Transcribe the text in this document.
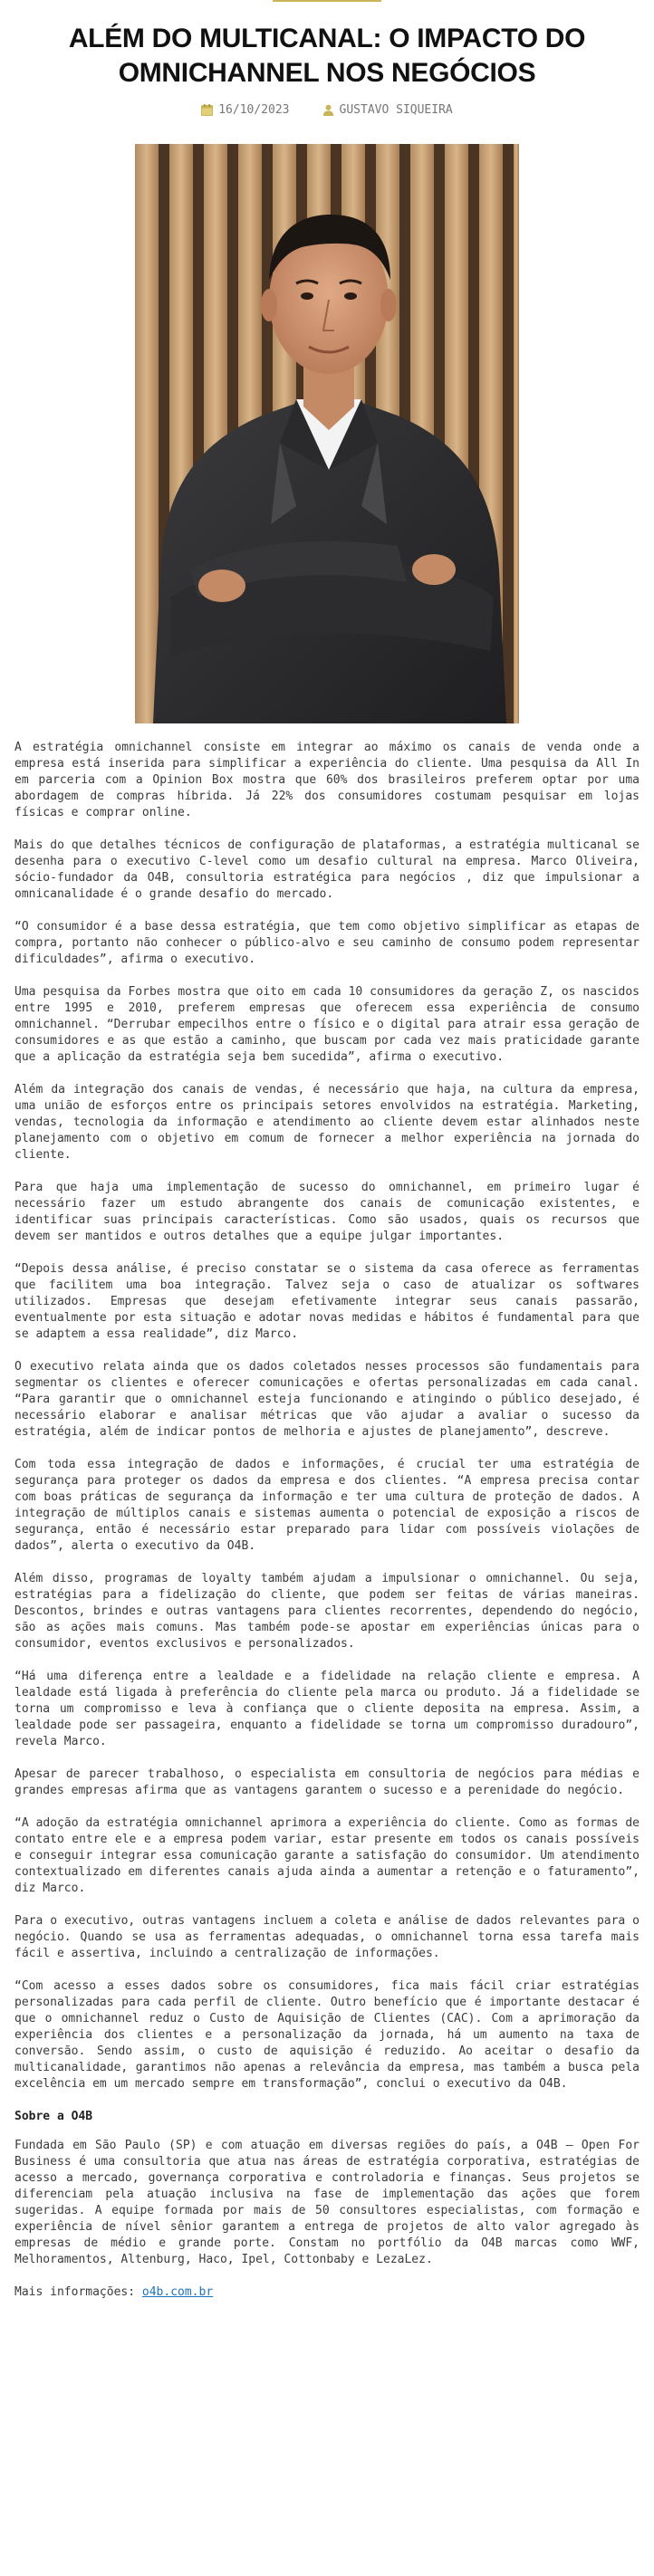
ALÉM DO MULTICANAL: O IMPACTO DO OMNICHANNEL NOS NEGÓCIOS
16/10/2023	GUSTAVO SIQUEIRA

A estratégia omnichannel consiste em integrar ao máximo os canais de venda onde a empresa está inserida para simplificar a experiência do cliente. Uma pesquisa da All In em parceria com a Opinion Box mostra que 60% dos brasileiros preferem optar por uma abordagem de compras híbrida. Já 22% dos consumidores costumam pesquisar em lojas físicas e comprar online.

Mais do que detalhes técnicos de configuração de plataformas, a estratégia multicanal se desenha para o executivo C-level como um desafio cultural na empresa. Marco Oliveira, sócio-fundador da O4B, consultoria estratégica para negócios , diz que impulsionar a omnicanalidade é o grande desafio do mercado.

“O consumidor é a base dessa estratégia, que tem como objetivo simplificar as etapas de compra, portanto não conhecer o público-alvo e seu caminho de consumo podem representar dificuldades”, afirma o executivo.

Uma pesquisa da Forbes mostra que oito em cada 10 consumidores da geração Z, os nascidos entre 1995 e 2010, preferem empresas que oferecem essa experiência de consumo omnichannel. “Derrubar empecilhos entre o físico e o digital para atrair essa geração de consumidores e as que estão a caminho, que buscam por cada vez mais praticidade garante que a aplicação da estratégia seja bem sucedida”, afirma o executivo.

Além da integração dos canais de vendas, é necessário que haja, na cultura da empresa, uma união de esforços entre os principais setores envolvidos na estratégia. Marketing, vendas, tecnologia da informação e atendimento ao cliente devem estar alinhados neste planejamento com o objetivo em comum de fornecer a melhor experiência na jornada do cliente.

Para que haja uma implementação de sucesso do omnichannel, em primeiro lugar é necessário fazer um estudo abrangente dos canais de comunicação existentes, e identificar suas principais características. Como são usados, quais os recursos que devem ser mantidos e outros detalhes que a equipe julgar importantes.

“Depois dessa análise, é preciso constatar se o sistema da casa oferece as ferramentas que facilitem uma boa integração. Talvez seja o caso de atualizar os softwares utilizados. Empresas que desejam efetivamente integrar seus canais passarão, eventualmente por esta situação e adotar novas medidas e hábitos é fundamental para que se adaptem a essa realidade”, diz Marco.

O executivo relata ainda que os dados coletados nesses processos são fundamentais para segmentar os clientes e oferecer comunicações e ofertas personalizadas em cada canal. “Para garantir que o omnichannel esteja funcionando e atingindo o público desejado, é necessário elaborar e analisar métricas que vão ajudar a avaliar o sucesso da estratégia, além de indicar pontos de melhoria e ajustes de planejamento”, descreve.

Com toda essa integração de dados e informações, é crucial ter uma estratégia de segurança para proteger os dados da empresa e dos clientes. “A empresa precisa contar com boas práticas de segurança da informação e ter uma cultura de proteção de dados. A integração de múltiplos canais e sistemas aumenta o potencial de exposição a riscos de segurança, então é necessário estar preparado para lidar com possíveis violações de dados”, alerta o executivo da O4B.

Além disso, programas de loyalty também ajudam a impulsionar o omnichannel. Ou seja, estratégias para a fidelização do cliente, que podem ser feitas de várias maneiras. Descontos, brindes e outras vantagens para clientes recorrentes, dependendo do negócio, são as ações mais comuns. Mas também pode-se apostar em experiências únicas para o consumidor, eventos exclusivos e personalizados.

“Há uma diferença entre a lealdade e a fidelidade na relação cliente e empresa. A lealdade está ligada à preferência do cliente pela marca ou produto. Já a fidelidade se torna um compromisso e leva à confiança que o cliente deposita na empresa. Assim, a lealdade pode ser passageira, enquanto a fidelidade se torna um compromisso duradouro”, revela Marco.

Apesar de parecer trabalhoso, o especialista em consultoria de negócios para médias e grandes empresas afirma que as vantagens garantem o sucesso e a perenidade do negócio.

“A adoção da estratégia omnichannel aprimora a experiência do cliente. Como as formas de contato entre ele e a empresa podem variar, estar presente em todos os canais possíveis e conseguir integrar essa comunicação garante a satisfação do consumidor. Um atendimento contextualizado em diferentes canais ajuda ainda a aumentar a retenção e o faturamento”, diz Marco.

Para o executivo, outras vantagens incluem a coleta e análise de dados relevantes para o negócio. Quando se usa as ferramentas adequadas, o omnichannel torna essa tarefa mais fácil e assertiva, incluindo a centralização de informações.

“Com acesso a esses dados sobre os consumidores, fica mais fácil criar estratégias personalizadas para cada perfil de cliente. Outro benefício que é importante destacar é que o omnichannel reduz o Custo de Aquisição de Clientes (CAC). Com a aprimoração da experiência dos clientes e a personalização da jornada, há um aumento na taxa de conversão. Sendo assim, o custo de aquisição é reduzido. Ao aceitar o desafio da multicanalidade, garantimos não apenas a relevância da empresa, mas também a busca pela excelência em um mercado sempre em transformação”, conclui o executivo da O4B.

Sobre a O4B

Fundada em São Paulo (SP) e com atuação em diversas regiões do país, a O4B – Open For Business é uma consultoria que atua nas áreas de estratégia corporativa, estratégias de acesso a mercado, governança corporativa e controladoria e finanças. Seus projetos se diferenciam pela atuação inclusiva na fase de implementação das ações que forem sugeridas. A equipe formada por mais de 50 consultores especialistas, com formação e experiência de nível sênior garantem a entrega de projetos de alto valor agregado às empresas de médio e grande porte. Constam no portfólio da O4B marcas como WWF, Melhoramentos, Altenburg, Haco, Ipel, Cottonbaby e LezaLez.

Mais informações: o4b.com.br
